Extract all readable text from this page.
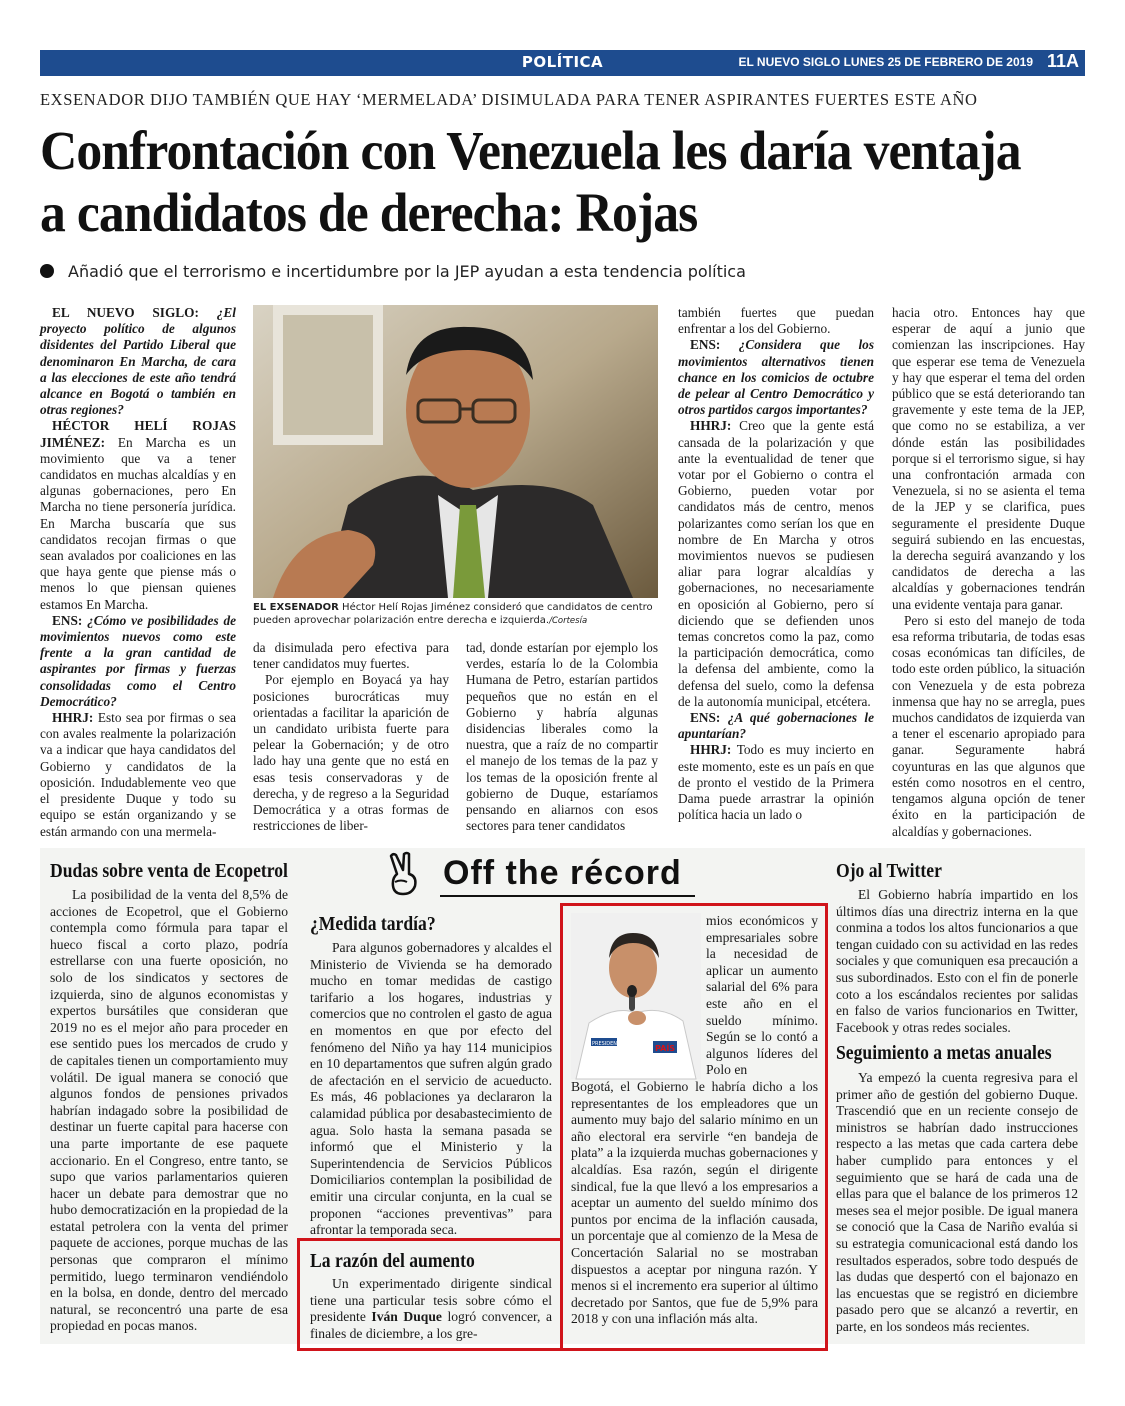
POLÍTICA	EL NUEVO SIGLO LUNES 25 DE FEBRERO DE 2019 11A
EXSENADOR DIJO TAMBIÉN QUE HAY ‘MERMELADA’ DISIMULADA PARA TENER ASPIRANTES FUERTES ESTE AÑO
Confrontación con Venezuela les daría ventaja a candidatos de derecha: Rojas
Añadió que el terrorismo e incertidumbre por la JEP ayudan a esta tendencia política

EL NUEVO SIGLO: ¿El proyecto político de algunos disidentes del Partido Liberal que denominaron En Marcha, de cara a las elecciones de este año tendrá alcance en Bogotá o también en otras regiones?

HÉCTOR HELÍ ROJAS JIMÉNEZ: En Marcha es un movimiento que va a tener candidatos en muchas alcaldías y en algunas gobernaciones, pero En Marcha no tiene personería jurídica. En Marcha buscaría que sus candidatos recojan firmas o que sean avalados por coaliciones en las que haya gente que piense más o menos lo que piensan quienes estamos En Marcha.

ENS: ¿Cómo ve posibilidades de movimientos nuevos como este frente a la gran cantidad de aspirantes por firmas y fuerzas consolidadas como el Centro Democrático?

HHRJ: Esto sea por firmas o sea con avales realmente la polarización va a indicar que haya candidatos del Gobierno y candidatos de la oposición. Indudablemente veo que el presidente Duque y todo su equipo se están organizando y se están armando con una mermela-

EL EXSENADOR Héctor Helí Rojas Jiménez consideró que candidatos de centro pueden aprovechar polarización entre derecha e izquierda./Cortesía

da disimulada pero efectiva para tener candidatos muy fuertes.

Por ejemplo en Boyacá ya hay posiciones burocráticas muy orientadas a facilitar la aparición de un candidato uribista fuerte para pelear la Gobernación; y de otro lado hay una gente que no está en esas tesis conservadoras y de derecha, y de regreso a la Seguridad Democrática y a otras formas de restricciones de liber-

tad, donde estarían por ejemplo los verdes, estaría lo de la Colombia Humana de Petro, estarían partidos pequeños que no están en el Gobierno y habría algunas disidencias liberales como la nuestra, que a raíz de no compartir el manejo de los temas de la paz y los temas de la oposición frente al gobierno de Duque, estaríamos pensando en aliarnos con esos sectores para tener candidatos

también fuertes que puedan enfrentar a los del Gobierno.

ENS: ¿Considera que los movimientos alternativos tienen chance en los comicios de octubre de pelear al Centro Democrático y otros partidos cargos importantes?

HHRJ: Creo que la gente está cansada de la polarización y que ante la eventualidad de tener que votar por el Gobierno o contra el Gobierno, pueden votar por candidatos más de centro, menos polarizantes como serían los que en nombre de En Marcha y otros movimientos nuevos se pudiesen aliar para lograr alcaldías y gobernaciones, no necesariamente en oposición al Gobierno, pero sí diciendo que se defienden unos temas concretos como la paz, como la participación democrática, como la defensa del ambiente, como la defensa del suelo, como la defensa de la autonomía municipal, etcétera.

ENS: ¿A qué gobernaciones le apuntarían?

HHRJ: Todo es muy incierto en este momento, este es un país en que de pronto el vestido de la Primera Dama puede arrastrar la opinión política hacia un lado o

hacia otro. Entonces hay que esperar de aquí a junio que comienzan las inscripciones. Hay que esperar ese tema de Venezuela y hay que esperar el tema del orden público que se está deteriorando tan gravemente y este tema de la JEP, que como no se estabiliza, a ver dónde están las posibilidades porque si el terrorismo sigue, si hay una confrontación armada con Venezuela, si no se asienta el tema de la JEP y se clarifica, pues seguramente el presidente Duque seguirá subiendo en las encuestas, la derecha seguirá avanzando y los candidatos de derecha a las alcaldías y gobernaciones tendrán una evidente ventaja para ganar.

Pero si esto del manejo de toda esa reforma tributaria, de todas esas cosas económicas tan difíciles, de todo este orden público, la situación con Venezuela y de esta pobreza inmensa que hay no se arregla, pues muchos candidatos de izquierda van a tener el escenario apropiado para ganar. Seguramente habrá coyunturas en las que algunos que estén como nosotros en el centro, tengamos alguna opción de tener éxito en la participación de alcaldías y gobernaciones.

Off the récord
Dudas sobre venta de Ecopetrol

La posibilidad de la venta del 8,5% de acciones de Ecopetrol, que el Gobierno contempla como fórmula para tapar el hueco fiscal a corto plazo, podría estrellarse con una fuerte oposición, no solo de los sindicatos y sectores de izquierda, sino de algunos economistas y expertos bursátiles que consideran que 2019 no es el mejor año para proceder en ese sentido pues los mercados de crudo y de capitales tienen un comportamiento muy volátil. De igual manera se conoció que algunos fondos de pensiones privados habrían indagado sobre la posibilidad de destinar un fuerte capital para hacerse con una parte importante de ese paquete accionario. En el Congreso, entre tanto, se supo que varios parlamentarios quieren hacer un debate para demostrar que no hubo democratización en la propiedad de la estatal petrolera con la venta del primer paquete de acciones, porque muchas de las personas que compraron el mínimo permitido, luego terminaron vendiéndolo en la bolsa, en donde, dentro del mercado natural, se reconcentró una parte de esa propiedad en pocas manos.

¿Medida tardía?

Para algunos gobernadores y alcaldes el Ministerio de Vivienda se ha demorado mucho en tomar medidas de castigo tarifario a los hogares, industrias y comercios que no controlen el gasto de agua en momentos en que por efecto del fenómeno del Niño ya hay 114 municipios en 10 departamentos que sufren algún grado de afectación en el servicio de acueducto. Es más, 46 poblaciones ya declararon la calamidad pública por desabastecimiento de agua. Solo hasta la semana pasada se informó que el Ministerio y la Superintendencia de Servicios Públicos Domiciliarios contemplan la posibilidad de emitir una circular conjunta, en la cual se proponen “acciones preventivas” para afrontar la temporada seca.

La razón del aumento

Un experimentado dirigente sindical tiene una particular tesis sobre cómo el presidente Iván Duque logró convencer, a finales de diciembre, a los gre-

PRESIDENTE	PAÍS

mios económicos y empresariales sobre la necesidad de aplicar un aumento salarial del 6% para este año en el sueldo mínimo. Según se lo contó a algunos líderes del Polo en

Bogotá, el Gobierno le habría dicho a los representantes de los empleadores que un aumento muy bajo del salario mínimo en un año electoral era servirle “en bandeja de plata” a la izquierda muchas gobernaciones y alcaldías. Esa razón, según el dirigente sindical, fue la que llevó a los empresarios a aceptar un aumento del sueldo mínimo dos puntos por encima de la inflación causada, un porcentaje que al comienzo de la Mesa de Concertación Salarial no se mostraban dispuestos a aceptar por ninguna razón. Y menos si el incremento era superior al último decretado por Santos, que fue de 5,9% para 2018 y con una inflación más alta.

Ojo al Twitter

El Gobierno habría impartido en los últimos días una directriz interna en la que conmina a todos los altos funcionarios a que tengan cuidado con su actividad en las redes sociales y que comuniquen esa precaución a sus subordinados. Esto con el fin de ponerle coto a los escándalos recientes por salidas en falso de varios funcionarios en Twitter, Facebook y otras redes sociales.

Seguimiento a metas anuales

Ya empezó la cuenta regresiva para el primer año de gestión del gobierno Duque. Trascendió que en un reciente consejo de ministros se habrían dado instrucciones respecto a las metas que cada cartera debe haber cumplido para entonces y el seguimiento que se hará de cada una de ellas para que el balance de los primeros 12 meses sea el mejor posible. De igual manera se conoció que la Casa de Nariño evalúa si su estrategia comunicacional está dando los resultados esperados, sobre todo después de las dudas que despertó con el bajonazo en las encuestas que se registró en diciembre pasado pero que se alcanzó a revertir, en parte, en los sondeos más recientes.
